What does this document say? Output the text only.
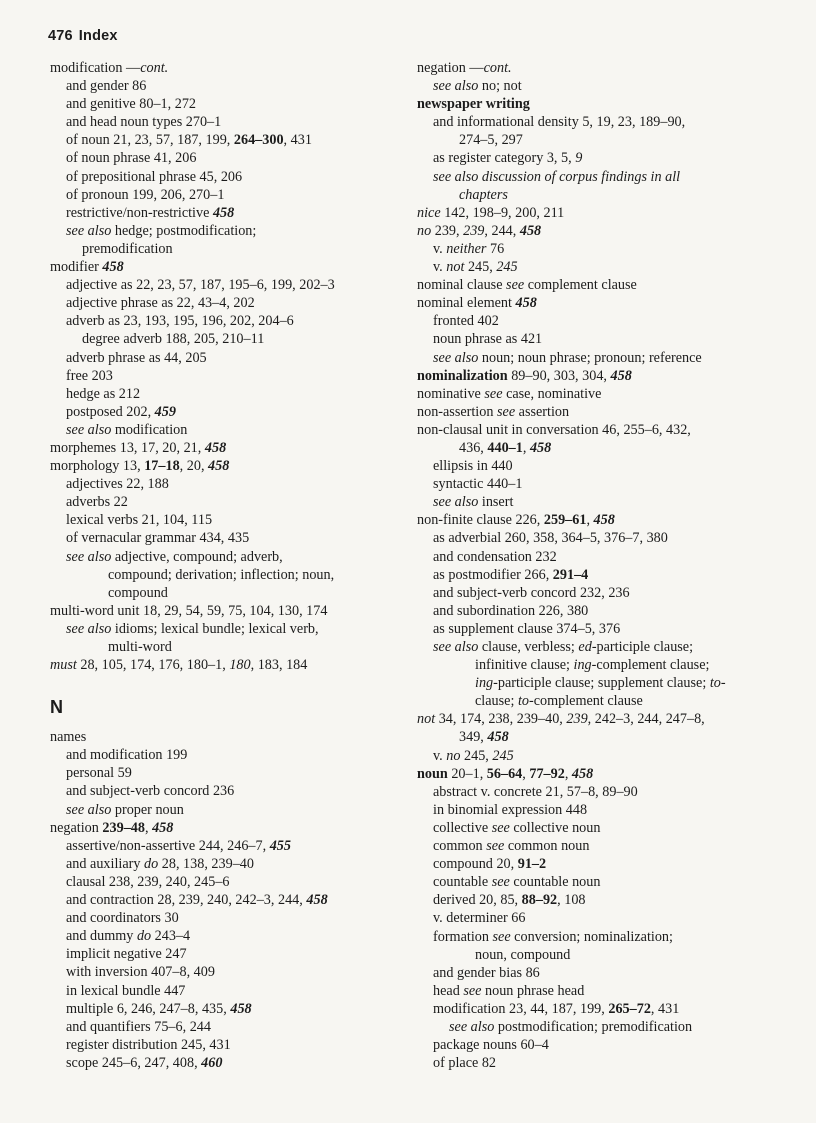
476 Index
modification —cont.
and gender 86
and genitive 80–1, 272
and head noun types 270–1
of noun 21, 23, 57, 187, 199, 264–300, 431
of noun phrase 41, 206
of prepositional phrase 45, 206
of pronoun 199, 206, 270–1
restrictive/non-restrictive 458
see also hedge; postmodification;
premodification
modifier 458
adjective as 22, 23, 57, 187, 195–6, 199, 202–3
adjective phrase as 22, 43–4, 202
adverb as 23, 193, 195, 196, 202, 204–6
degree adverb 188, 205, 210–11
adverb phrase as 44, 205
free 203
hedge as 212
postposed 202, 459
see also modification
morphemes 13, 17, 20, 21, 458
morphology 13, 17–18, 20, 458
adjectives 22, 188
adverbs 22
lexical verbs 21, 104, 115
of vernacular grammar 434, 435
see also adjective, compound; adverb,
compound; derivation; inflection; noun,
compound
multi-word unit 18, 29, 54, 59, 75, 104, 130, 174
see also idioms; lexical bundle; lexical verb,
multi-word
must 28, 105, 174, 176, 180–1, 180, 183, 184
N
names
and modification 199
personal 59
and subject-verb concord 236
see also proper noun
negation 239–48, 458
assertive/non-assertive 244, 246–7, 455
and auxiliary do 28, 138, 239–40
clausal 238, 239, 240, 245–6
and contraction 28, 239, 240, 242–3, 244, 458
and coordinators 30
and dummy do 243–4
implicit negative 247
with inversion 407–8, 409
in lexical bundle 447
multiple 6, 246, 247–8, 435, 458
and quantifiers 75–6, 244
register distribution 245, 431
scope 245–6, 247, 408, 460
negation —cont.
see also no; not
newspaper writing
and informational density 5, 19, 23, 189–90,
274–5, 297
as register category 3, 5, 9
see also discussion of corpus findings in all
chapters
nice 142, 198–9, 200, 211
no 239, 239, 244, 458
v. neither 76
v. not 245, 245
nominal clause see complement clause
nominal element 458
fronted 402
noun phrase as 421
see also noun; noun phrase; pronoun; reference
nominalization 89–90, 303, 304, 458
nominative see case, nominative
non-assertion see assertion
non-clausal unit in conversation 46, 255–6, 432,
436, 440–1, 458
ellipsis in 440
syntactic 440–1
see also insert
non-finite clause 226, 259–61, 458
as adverbial 260, 358, 364–5, 376–7, 380
and condensation 232
as postmodifier 266, 291–4
and subject-verb concord 232, 236
and subordination 226, 380
as supplement clause 374–5, 376
see also clause, verbless; ed-participle clause;
infinitive clause; ing-complement clause;
ing-participle clause; supplement clause; to-
clause; to-complement clause
not 34, 174, 238, 239–40, 239, 242–3, 244, 247–8,
349, 458
v. no 245, 245
noun 20–1, 56–64, 77–92, 458
abstract v. concrete 21, 57–8, 89–90
in binomial expression 448
collective see collective noun
common see common noun
compound 20, 91–2
countable see countable noun
derived 20, 85, 88–92, 108
v. determiner 66
formation see conversion; nominalization;
noun, compound
and gender bias 86
head see noun phrase head
modification 23, 44, 187, 199, 265–72, 431
see also postmodification; premodification
package nouns 60–4
of place 82
